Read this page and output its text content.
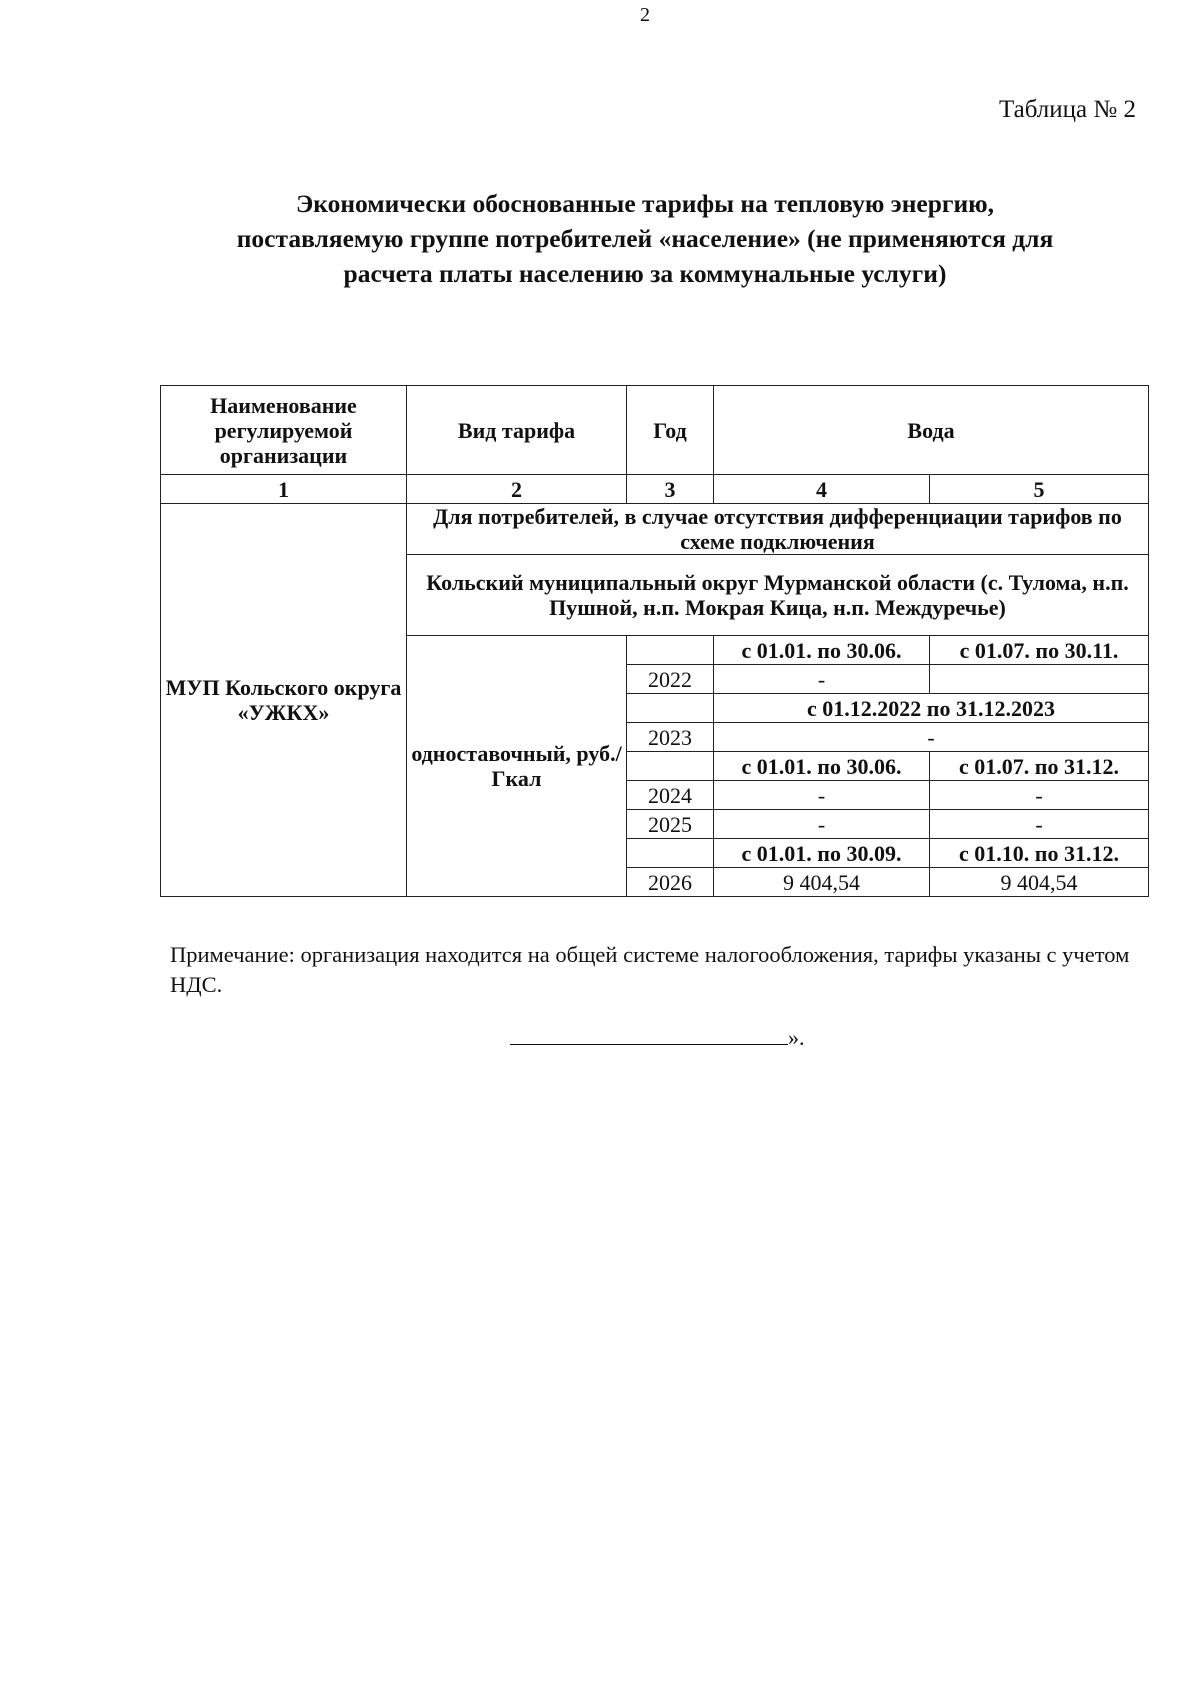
2
Таблица № 2
Экономически обоснованные тарифы на тепловую энергию,
поставляемую группе потребителей «население» (не применяются для
расчета платы населению за коммунальные услуги)
Наименование регулируемой организации	Вид тарифа	Год	Вода	
1	2	3	4	5
МУП Кольского округа «УЖКХ»	Для потребителей, в случае отсутствия дифференциации тарифов по схеме подключения			
	Кольский муниципальный округ Мурманской области (с. Тулома, н.п. Пушной, н.п. Мокрая Кица, н.п. Междуречье)			
	одноставочный, руб./Гкал		с 01.01. по 30.06.	с 01.07. по 30.11.
		2022	-	
			с 01.12.2022 по 31.12.2023	
		2023	-	
			с 01.01. по 30.06.	с 01.07. по 31.12.
		2024	-	-
		2025	-	-
			с 01.01. по 30.09.	с 01.10. по 31.12.
		2026	9 404,54	9 404,54
Примечание: организация находится на общей системе налогообложения, тарифы указаны с учетом НДС.
».
